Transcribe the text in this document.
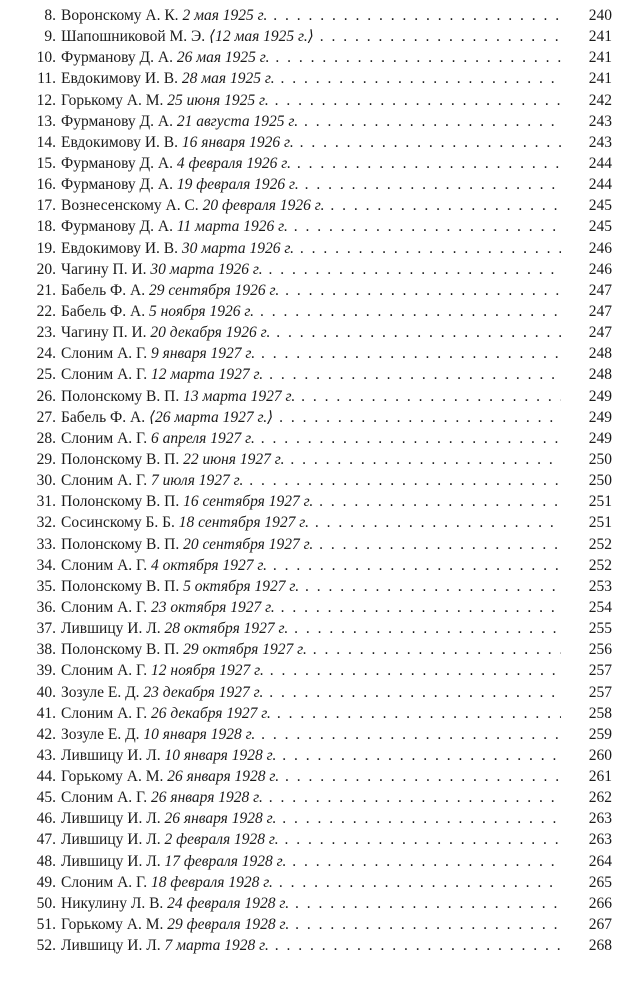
8. Воронскому А. К. 2 мая 1925 г. . . .	240
9. Шапошниковой М. Э. ⟨12 мая 1925 г.⟩ . . .	241
10. Фурманову Д. А. 26 мая 1925 г. . . .	241
11. Евдокимову И. В. 28 мая 1925 г. . . .	241
12. Горькому А. М. 25 июня 1925 г. . . .	242
13. Фурманову Д. А. 21 августа 1925 г. . . .	243
14. Евдокимову И. В. 16 января 1926 г. . . .	243
15. Фурманову Д. А. 4 февраля 1926 г. . . .	244
16. Фурманову Д. А. 19 февраля 1926 г. . . .	244
17. Вознесенскому А. С. 20 февраля 1926 г. . . .	245
18. Фурманову Д. А. 11 марта 1926 г. . . .	245
19. Евдокимову И. В. 30 марта 1926 г. . . .	246
20. Чагину П. И. 30 марта 1926 г. . . .	246
21. Бабель Ф. А. 29 сентября 1926 г. . . .	247
22. Бабель Ф. А. 5 ноября 1926 г. . . .	247
23. Чагину П. И. 20 декабря 1926 г. . . .	247
24. Слоним А. Г. 9 января 1927 г. . . .	248
25. Слоним А. Г. 12 марта 1927 г. . . .	248
26. Полонскому В. П. 13 марта 1927 г. . . .	249
27. Бабель Ф. А. ⟨26 марта 1927 г.⟩ . . .	249
28. Слоним А. Г. 6 апреля 1927 г. . . .	249
29. Полонскому В. П. 22 июня 1927 г. . . .	250
30. Слоним А. Г. 7 июля 1927 г. . . .	250
31. Полонскому В. П. 16 сентября 1927 г. . . .	251
32. Сосинскому Б. Б. 18 сентября 1927 г. . . .	251
33. Полонскому В. П. 20 сентября 1927 г. . . .	252
34. Слоним А. Г. 4 октября 1927 г. . . .	252
35. Полонскому В. П. 5 октября 1927 г. . . .	253
36. Слоним А. Г. 23 октября 1927 г. . . .	254
37. Лившицу И. Л. 28 октября 1927 г. . . .	255
38. Полонскому В. П. 29 октября 1927 г. . . .	256
39. Слоним А. Г. 12 ноября 1927 г. . . .	257
40. Зозуле Е. Д. 23 декабря 1927 г. . . .	257
41. Слоним А. Г. 26 декабря 1927 г. . . .	258
42. Зозуле Е. Д. 10 января 1928 г. . . .	259
43. Лившицу И. Л. 10 января 1928 г. . . .	260
44. Горькому А. М. 26 января 1928 г. . . .	261
45. Слоним А. Г. 26 января 1928 г. . . .	262
46. Лившицу И. Л. 26 января 1928 г. . . .	263
47. Лившицу И. Л. 2 февраля 1928 г. . . .	263
48. Лившицу И. Л. 17 февраля 1928 г. . . .	264
49. Слоним А. Г. 18 февраля 1928 г. . . .	265
50. Никулину Л. В. 24 февраля 1928 г. . . .	266
51. Горькому А. М. 29 февраля 1928 г. . . .	267
52. Лившицу И. Л. 7 марта 1928 г. . . .	268
